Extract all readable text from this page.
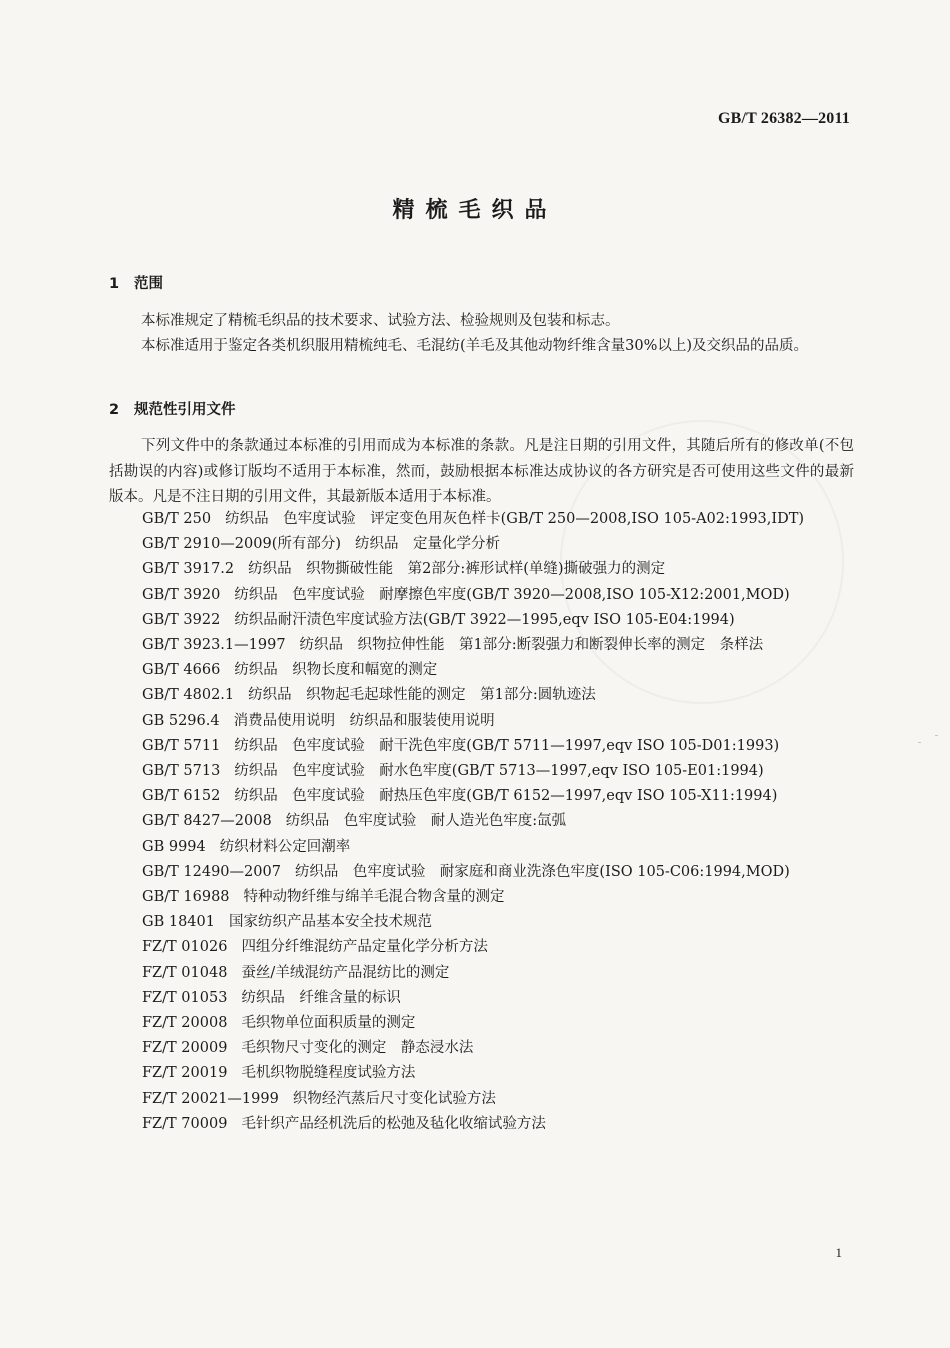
GB/T 26382—2011
精梳毛织品
1 范围
本标准规定了精梳毛织品的技术要求、试验方法、检验规则及包装和标志。
本标准适用于鉴定各类机织服用精梳纯毛、毛混纺(羊毛及其他动物纤维含量30%以上)及交织品的品质。
2 规范性引用文件
下列文件中的条款通过本标准的引用而成为本标准的条款。凡是注日期的引用文件，其随后所有的修改单(不包括勘误的内容)或修订版均不适用于本标准，然而，鼓励根据本标准达成协议的各方研究是否可使用这些文件的最新版本。凡是不注日期的引用文件，其最新版本适用于本标准。
GB/T 250 纺织品　色牢度试验　评定变色用灰色样卡(GB/T 250—2008,ISO 105-A02:1993,IDT)
GB/T 2910—2009(所有部分) 纺织品　定量化学分析
GB/T 3917.2 纺织品　织物撕破性能　第2部分:裤形试样(单缝)撕破强力的测定
GB/T 3920 纺织品　色牢度试验　耐摩擦色牢度(GB/T 3920—2008,ISO 105-X12:2001,MOD)
GB/T 3922 纺织品耐汗渍色牢度试验方法(GB/T 3922—1995,eqv ISO 105-E04:1994)
GB/T 3923.1—1997 纺织品　织物拉伸性能　第1部分:断裂强力和断裂伸长率的测定　条样法
GB/T 4666 纺织品　织物长度和幅宽的测定
GB/T 4802.1 纺织品　织物起毛起球性能的测定　第1部分:圆轨迹法
GB 5296.4 消费品使用说明　纺织品和服装使用说明
GB/T 5711 纺织品　色牢度试验　耐干洗色牢度(GB/T 5711—1997,eqv ISO 105-D01:1993)
GB/T 5713 纺织品　色牢度试验　耐水色牢度(GB/T 5713—1997,eqv ISO 105-E01:1994)
GB/T 6152 纺织品　色牢度试验　耐热压色牢度(GB/T 6152—1997,eqv ISO 105-X11:1994)
GB/T 8427—2008 纺织品　色牢度试验　耐人造光色牢度:氙弧
GB 9994 纺织材料公定回潮率
GB/T 12490—2007 纺织品　色牢度试验　耐家庭和商业洗涤色牢度(ISO 105-C06:1994,MOD)
GB/T 16988 特种动物纤维与绵羊毛混合物含量的测定
GB 18401 国家纺织产品基本安全技术规范
FZ/T 01026 四组分纤维混纺产品定量化学分析方法
FZ/T 01048 蚕丝/羊绒混纺产品混纺比的测定
FZ/T 01053 纺织品　纤维含量的标识
FZ/T 20008 毛织物单位面积质量的测定
FZ/T 20009 毛织物尺寸变化的测定　静态浸水法
FZ/T 20019 毛机织物脱缝程度试验方法
FZ/T 20021—1999 织物经汽蒸后尺寸变化试验方法
FZ/T 70009 毛针织产品经机洗后的松弛及毡化收缩试验方法
1
